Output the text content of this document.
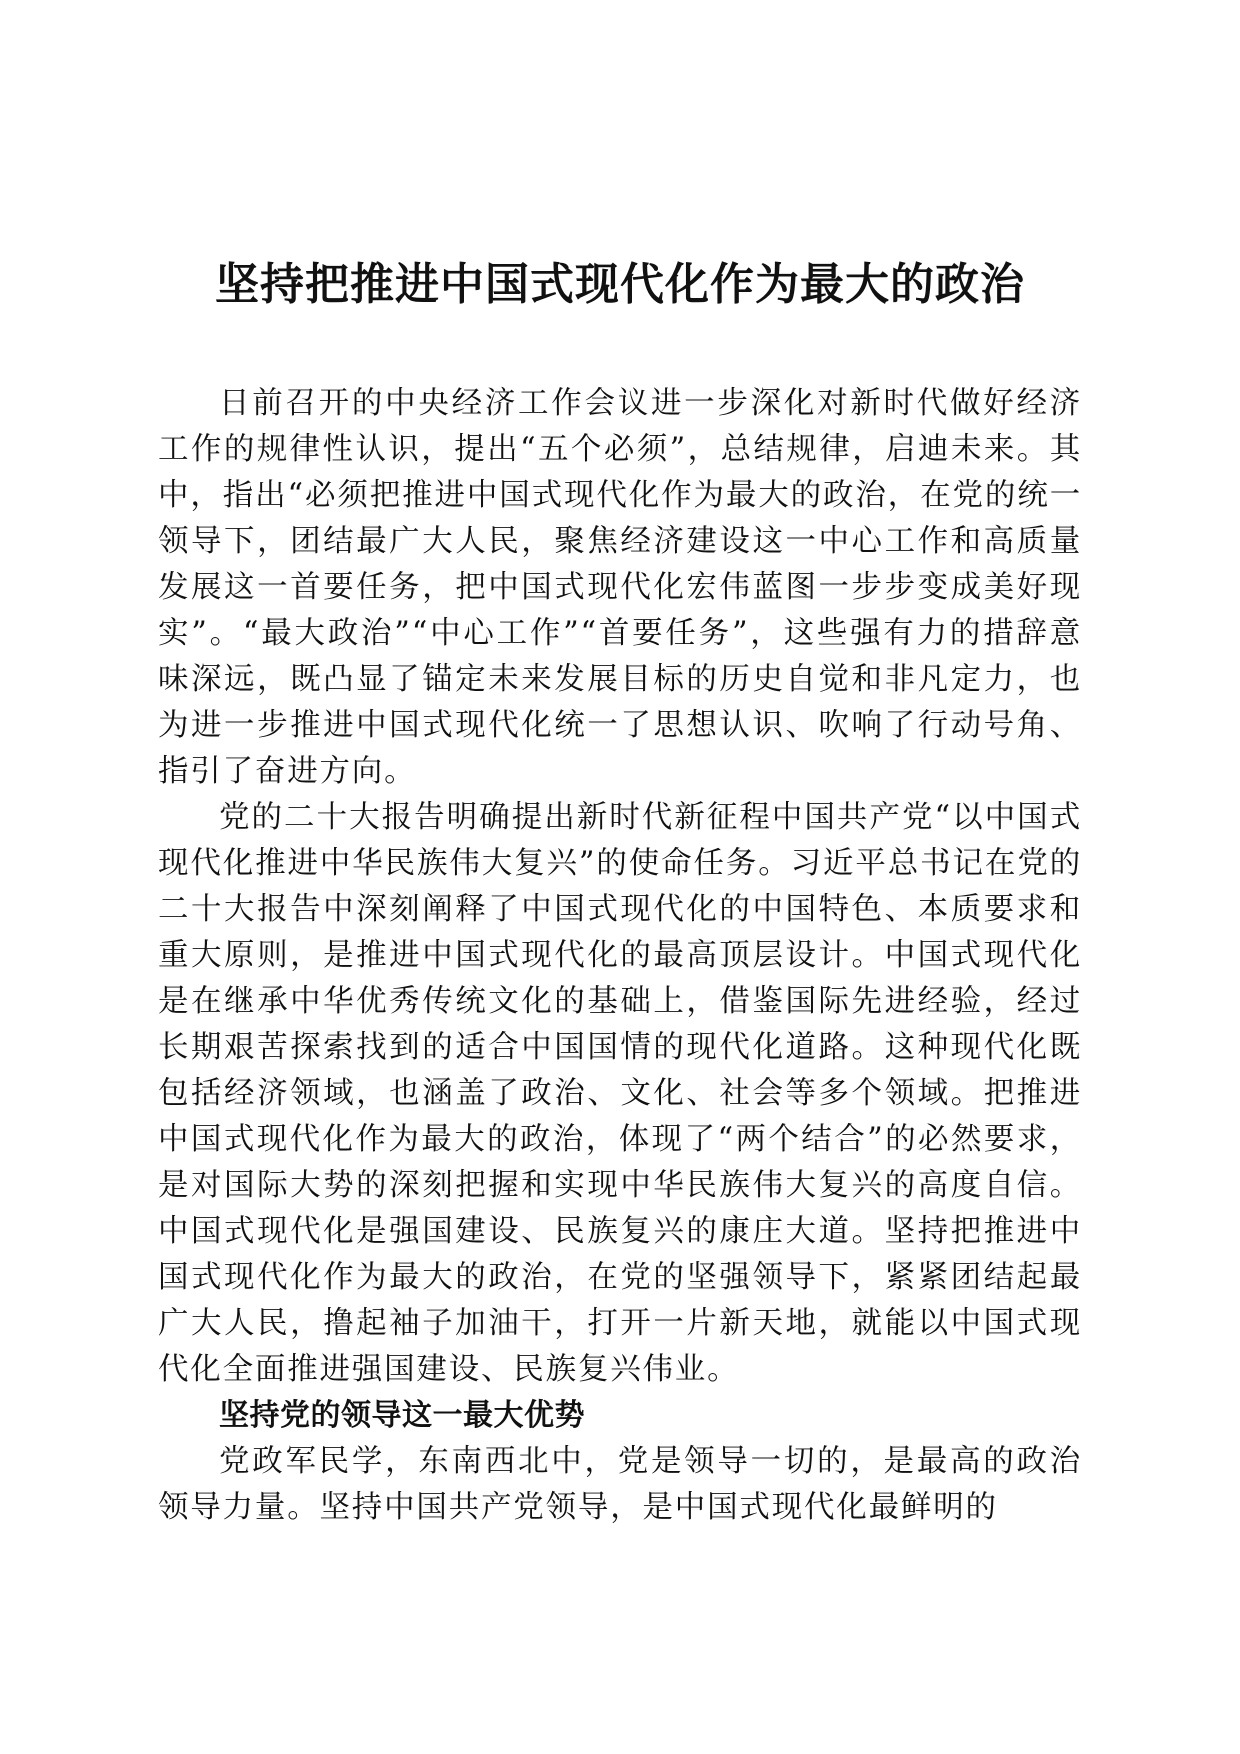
坚持把推进中国式现代化作为最大的政治

日前召开的中央经济工作会议进一步深化对新时代做好经济工作的规律性认识，提出“五个必须”，总结规律，启迪未来。其中，指出“必须把推进中国式现代化作为最大的政治，在党的统一领导下，团结最广大人民，聚焦经济建设这一中心工作和高质量发展这一首要任务，把中国式现代化宏伟蓝图一步步变成美好现实”。“最大政治”“中心工作”“首要任务”，这些强有力的措辞意味深远，既凸显了锚定未来发展目标的历史自觉和非凡定力，也为进一步推进中国式现代化统一了思想认识、吹响了行动号角、指引了奋进方向。

党的二十大报告明确提出新时代新征程中国共产党“以中国式现代化推进中华民族伟大复兴”的使命任务。习近平总书记在党的二十大报告中深刻阐释了中国式现代化的中国特色、本质要求和重大原则，是推进中国式现代化的最高顶层设计。中国式现代化是在继承中华优秀传统文化的基础上，借鉴国际先进经验，经过长期艰苦探索找到的适合中国国情的现代化道路。这种现代化既包括经济领域，也涵盖了政治、文化、社会等多个领域。把推进中国式现代化作为最大的政治，体现了“两个结合”的必然要求，是对国际大势的深刻把握和实现中华民族伟大复兴的高度自信。中国式现代化是强国建设、民族复兴的康庄大道。坚持把推进中国式现代化作为最大的政治，在党的坚强领导下，紧紧团结起最广大人民，撸起袖子加油干，打开一片新天地，就能以中国式现代化全面推进强国建设、民族复兴伟业。

坚持党的领导这一最大优势

党政军民学，东南西北中，党是领导一切的，是最高的政治领导力量。坚持中国共产党领导，是中国式现代化最鲜明的
